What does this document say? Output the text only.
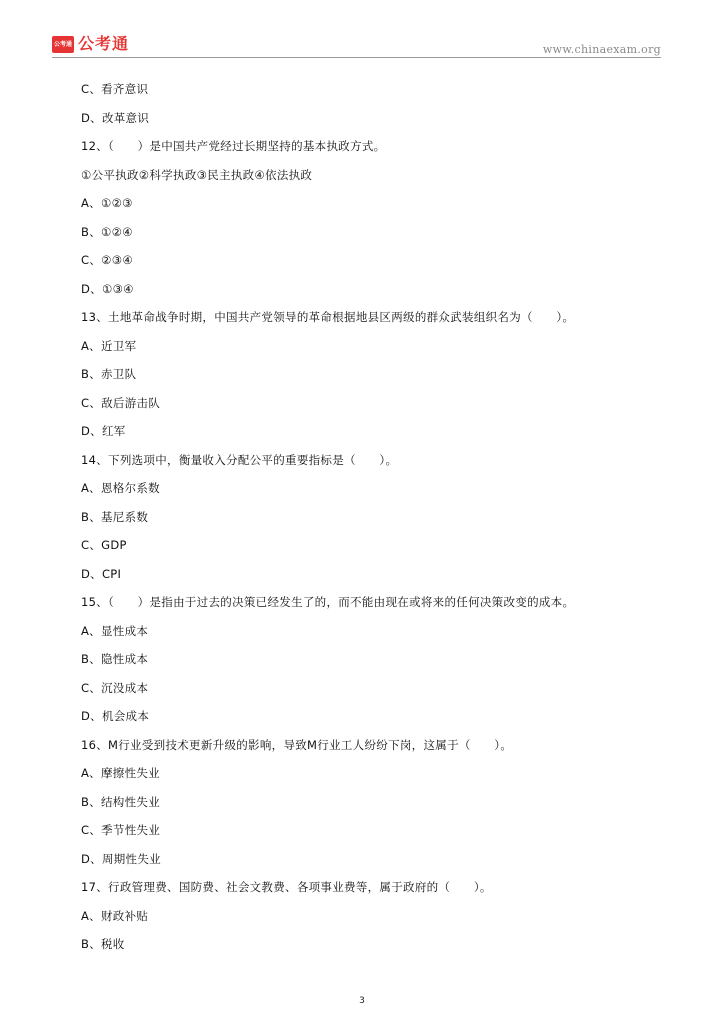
公考通 公考通	www.chinaexam.org
C、看齐意识
D、改革意识
12、（　　）是中国共产党经过长期坚持的基本执政方式。
①公平执政②科学执政③民主执政④依法执政
A、①②③
B、①②④
C、②③④
D、①③④
13、土地革命战争时期，中国共产党领导的革命根据地县区两级的群众武装组织名为（　　）。
A、近卫军
B、赤卫队
C、敌后游击队
D、红军
14、下列选项中，衡量收入分配公平的重要指标是（　　）。
A、恩格尔系数
B、基尼系数
C、GDP
D、CPI
15、（　　）是指由于过去的决策已经发生了的，而不能由现在或将来的任何决策改变的成本。
A、显性成本
B、隐性成本
C、沉没成本
D、机会成本
16、M行业受到技术更新升级的影响，导致M行业工人纷纷下岗，这属于（　　）。
A、摩擦性失业
B、结构性失业
C、季节性失业
D、周期性失业
17、行政管理费、国防费、社会文教费、各项事业费等，属于政府的（　　）。
A、财政补贴
B、税收
3
